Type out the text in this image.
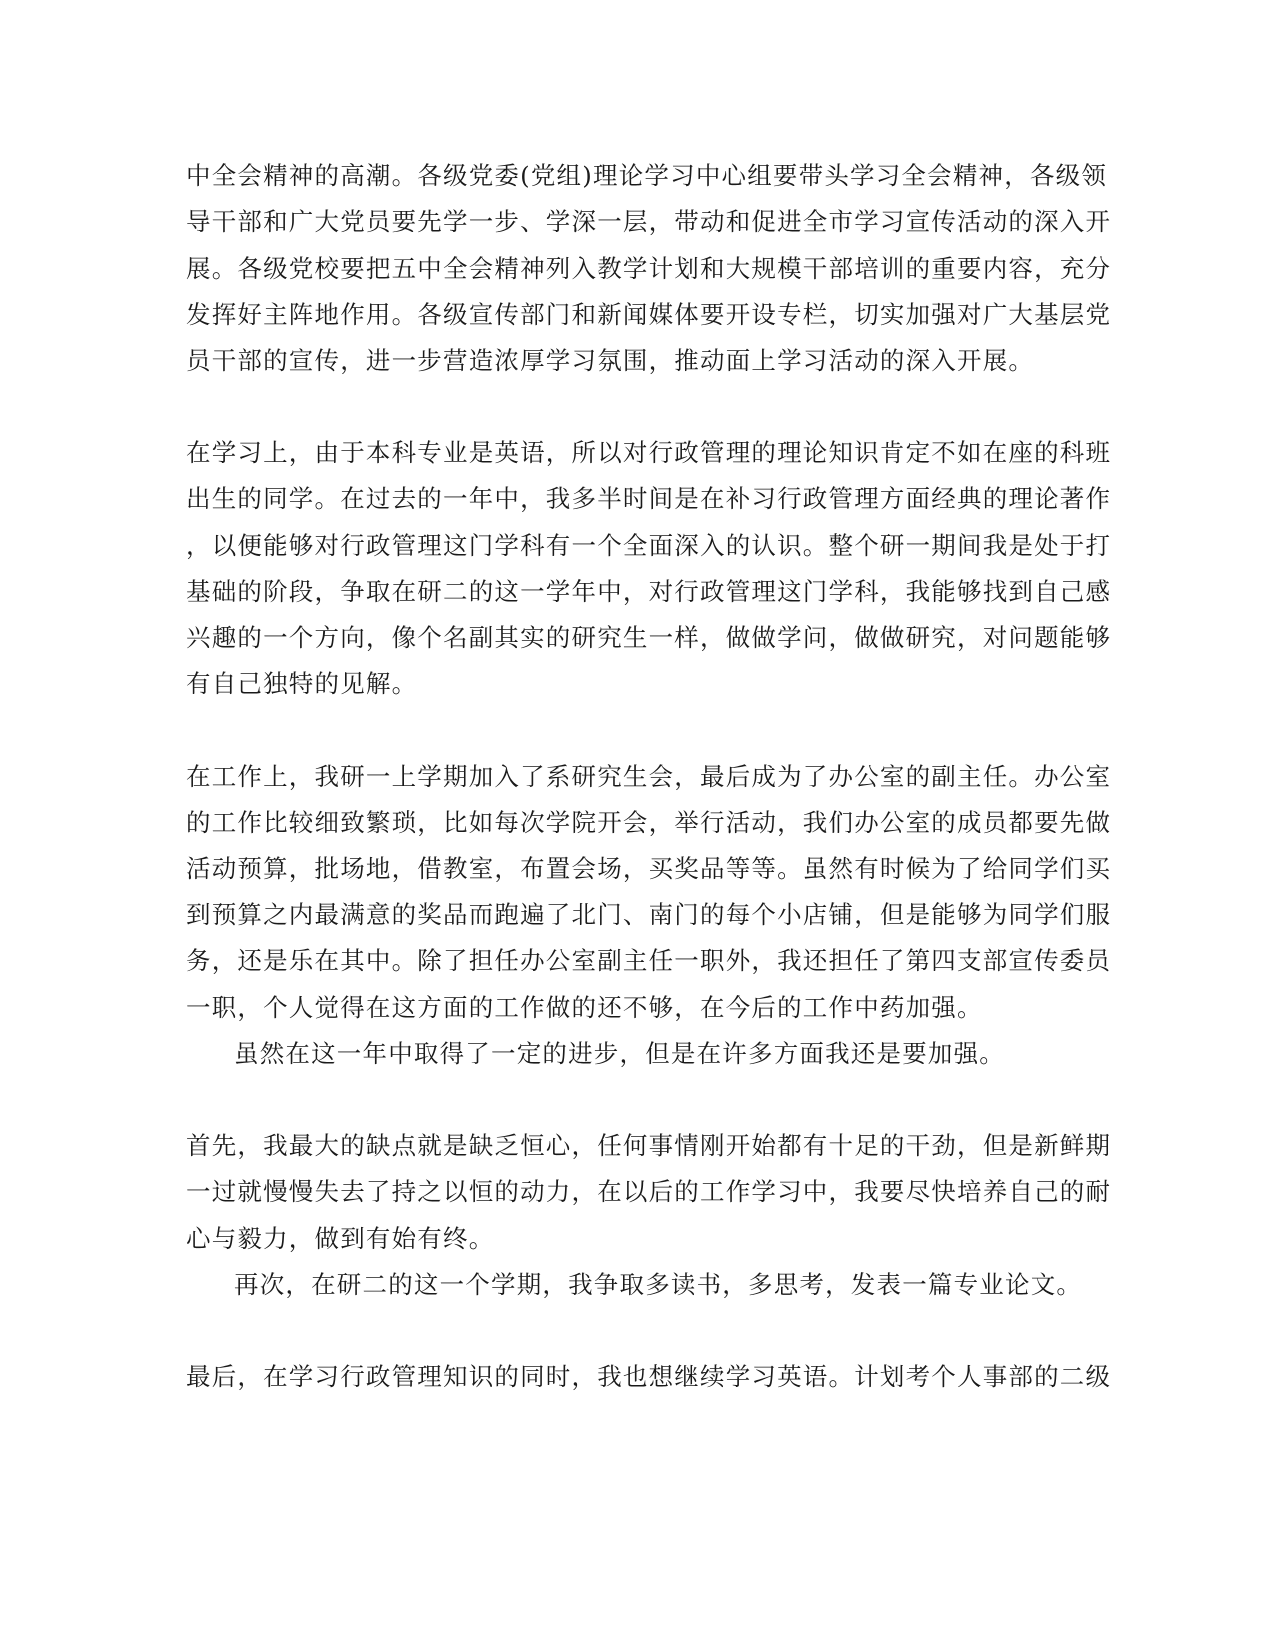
中全会精神的高潮。各级党委(党组)理论学习中心组要带头学习全会精神，各级领
导干部和广大党员要先学一步、学深一层，带动和促进全市学习宣传活动的深入开
展。各级党校要把五中全会精神列入教学计划和大规模干部培训的重要内容，充分
发挥好主阵地作用。各级宣传部门和新闻媒体要开设专栏，切实加强对广大基层党
员干部的宣传，进一步营造浓厚学习氛围，推动面上学习活动的深入开展。
在学习上，由于本科专业是英语，所以对行政管理的理论知识肯定不如在座的科班
出生的同学。在过去的一年中，我多半时间是在补习行政管理方面经典的理论著作
，以便能够对行政管理这门学科有一个全面深入的认识。整个研一期间我是处于打
基础的阶段，争取在研二的这一学年中，对行政管理这门学科，我能够找到自己感
兴趣的一个方向，像个名副其实的研究生一样，做做学问，做做研究，对问题能够
有自己独特的见解。
在工作上，我研一上学期加入了系研究生会，最后成为了办公室的副主任。办公室
的工作比较细致繁琐，比如每次学院开会，举行活动，我们办公室的成员都要先做
活动预算，批场地，借教室，布置会场，买奖品等等。虽然有时候为了给同学们买
到预算之内最满意的奖品而跑遍了北门、南门的每个小店铺，但是能够为同学们服
务，还是乐在其中。除了担任办公室副主任一职外，我还担任了第四支部宣传委员
一职，个人觉得在这方面的工作做的还不够，在今后的工作中药加强。
虽然在这一年中取得了一定的进步，但是在许多方面我还是要加强。
首先，我最大的缺点就是缺乏恒心，任何事情刚开始都有十足的干劲，但是新鲜期
一过就慢慢失去了持之以恒的动力，在以后的工作学习中，我要尽快培养自己的耐
心与毅力，做到有始有终。
再次，在研二的这一个学期，我争取多读书，多思考，发表一篇专业论文。
最后，在学习行政管理知识的同时，我也想继续学习英语。计划考个人事部的二级
